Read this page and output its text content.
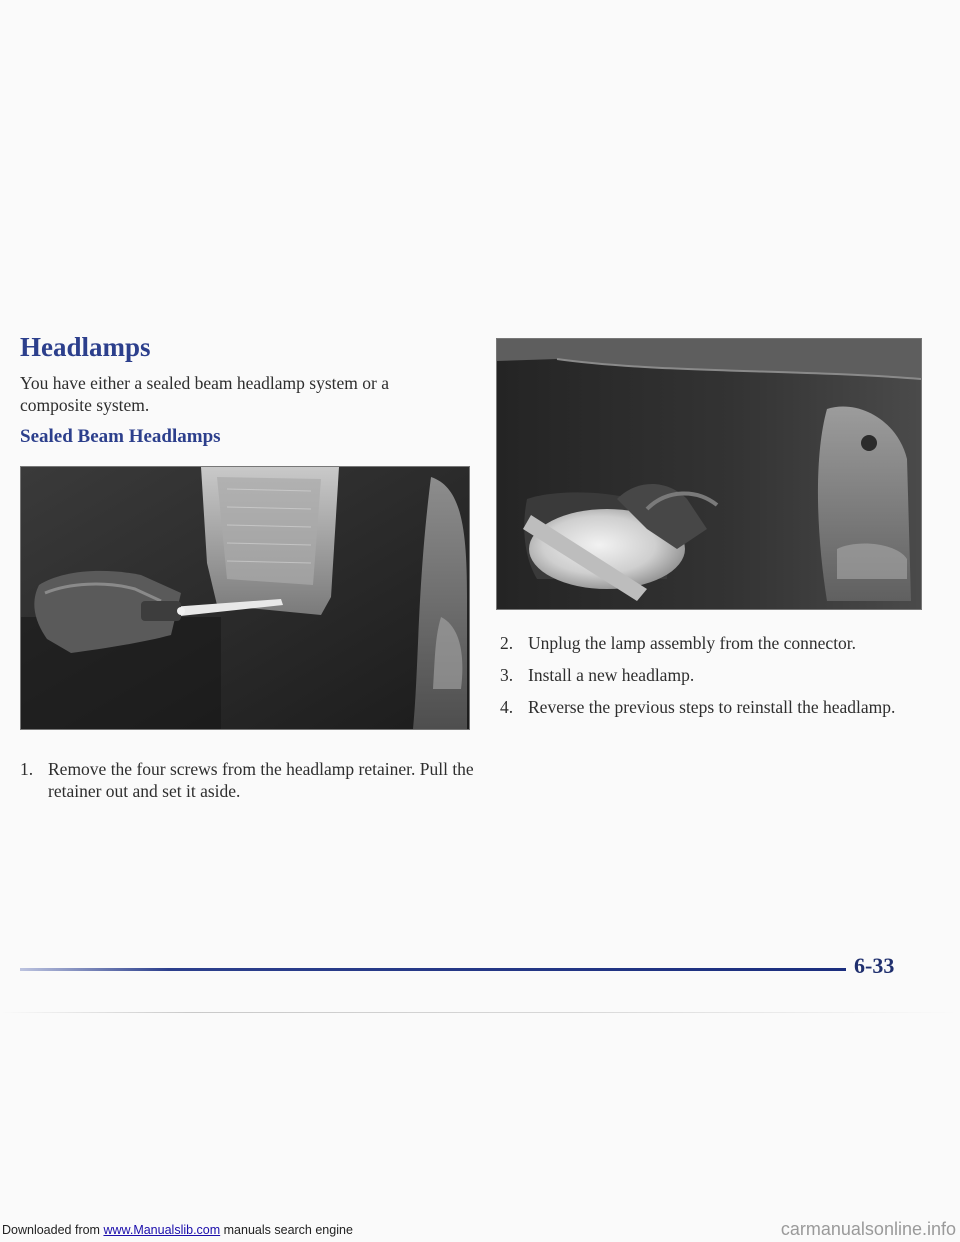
Headlamps

You have either a sealed beam headlamp system or a composite system.

Sealed Beam Headlamps
1. Remove the four screws from the headlamp retainer. Pull the retainer out and set it aside.
2. Unplug the lamp assembly from the connector.
3. Install a new headlamp.
4. Reverse the previous steps to reinstall the headlamp.
6-33
Downloaded from www.Manualslib.com manuals search engine	carmanualsonline.info
